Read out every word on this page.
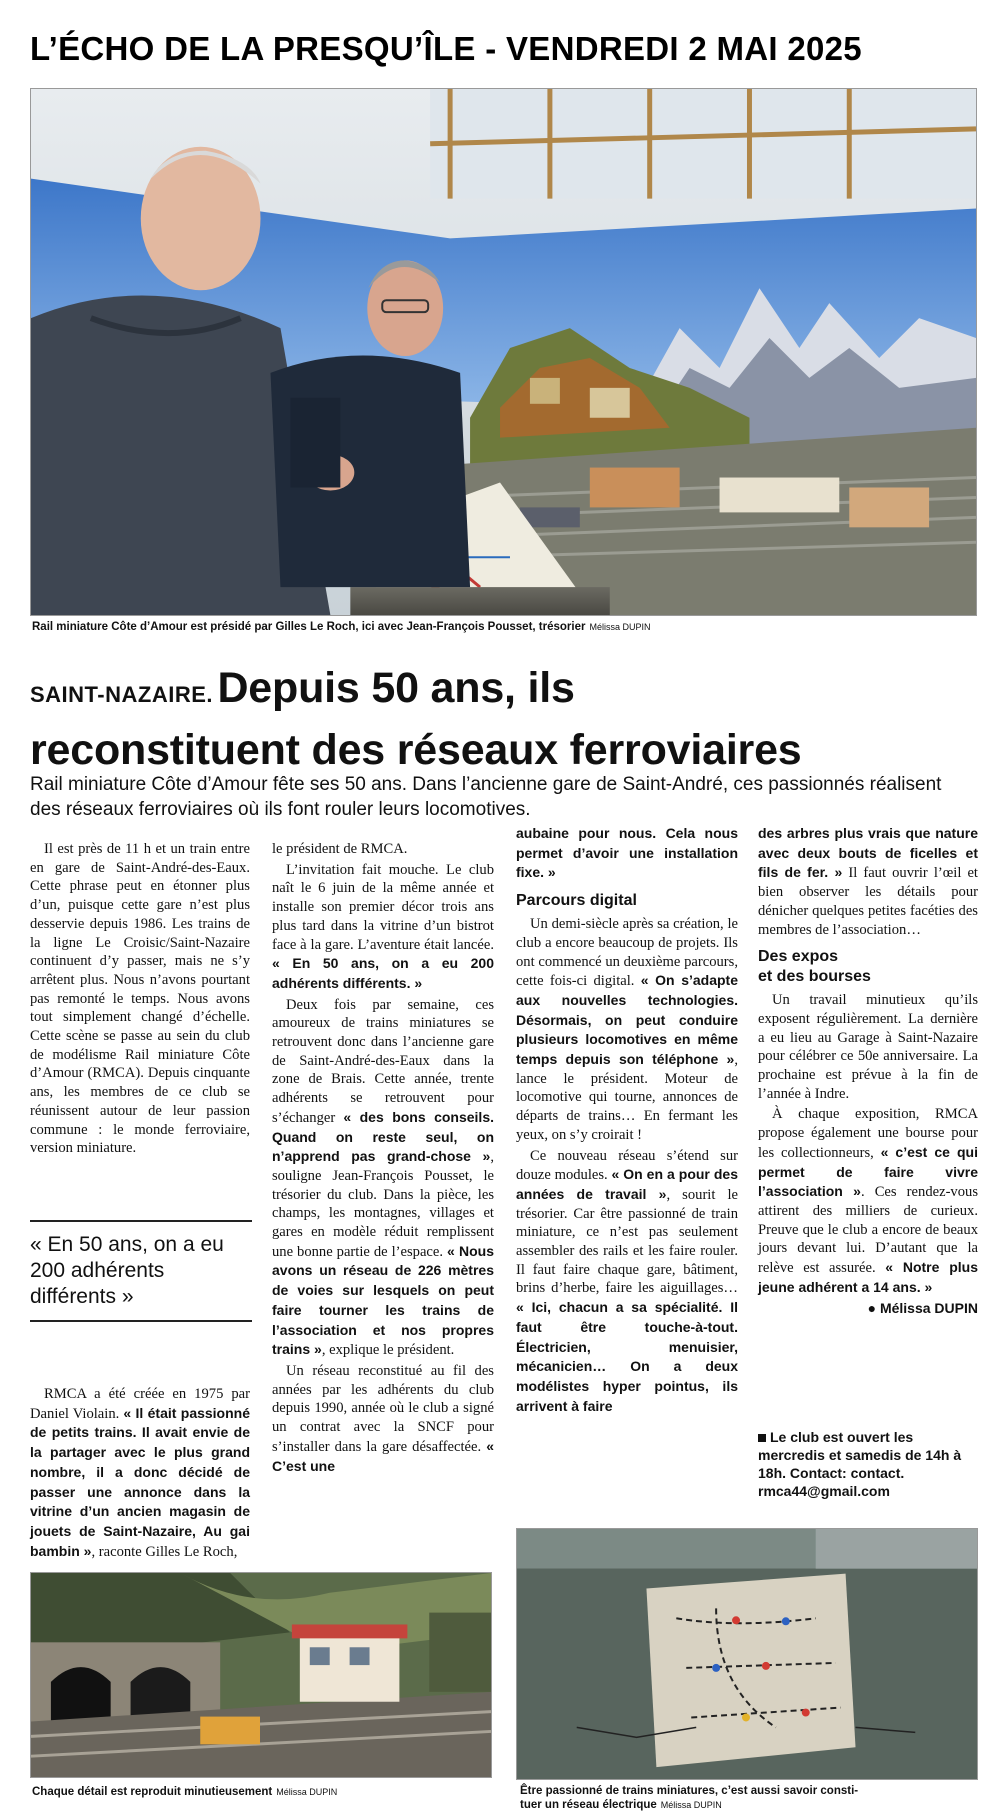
L’ÉCHO DE LA PRESQU’ÎLE - VENDREDI 2 MAI 2025
Rail miniature Côte d’Amour est présidé par Gilles Le Roch, ici avec Jean-François Pousset, trésorier Mélissa DUPIN
SAINT-NAZAIRE. Depuis 50 ans, ils
reconstituent des réseaux ferroviaires
Rail miniature Côte d’Amour fête ses 50 ans. Dans l’ancienne gare de Saint-André, ces passionnés réalisent des réseaux ferroviaires où ils font rouler leurs locomotives.

Il est près de 11 h et un train entre en gare de Saint-André-des-Eaux. Cette phrase peut en étonner plus d’un, puisque cette gare n’est plus desservie depuis 1986. Les trains de la ligne Le Croisic/Saint-Nazaire continuent d’y passer, mais ne s’y arrêtent plus. Nous n’avons pourtant pas remonté le temps. Nous avons tout simplement changé d’échelle. Cette scène se passe au sein du club de modélisme Rail miniature Côte d’Amour (RMCA). Depuis cinquante ans, les membres de ce club se réunissent autour de leur passion commune : le monde ferroviaire, version miniature.

« En 50 ans, on a eu 200 adhérents différents »

RMCA a été créée en 1975 par Daniel Violain. « Il était passionné de petits trains. Il avait envie de la partager avec le plus grand nombre, il a donc décidé de passer une annonce dans la vitrine d’un ancien magasin de jouets de Saint-Nazaire, Au gai bambin », raconte Gilles Le Roch,

le président de RMCA.

L’invitation fait mouche. Le club naît le 6 juin de la même année et installe son premier décor trois ans plus tard dans la vitrine d’un bistrot face à la gare. L’aventure était lancée. « En 50 ans, on a eu 200 adhérents différents. »

Deux fois par semaine, ces amoureux de trains miniatures se retrouvent donc dans l’ancienne gare de Saint-André-des-Eaux dans la zone de Brais. Cette année, trente adhérents se retrouvent pour s’échanger « des bons conseils. Quand on reste seul, on n’apprend pas grand-chose », souligne Jean-François Pousset, le trésorier du club. Dans la pièce, les champs, les montagnes, villages et gares en modèle réduit remplissent une bonne partie de l’espace. « Nous avons un réseau de 226 mètres de voies sur lesquels on peut faire tourner les trains de l’association et nos propres trains », explique le président.

Un réseau reconstitué au fil des années par les adhérents du club depuis 1990, année où le club a signé un contrat avec la SNCF pour s’installer dans la gare désaffectée. « C’est une

aubaine pour nous. Cela nous permet d’avoir une installation fixe. »

Parcours digital

Un demi-siècle après sa création, le club a encore beaucoup de projets. Ils ont commencé un deuxième parcours, cette fois-ci digital. « On s’adapte aux nouvelles technologies. Désormais, on peut conduire plusieurs locomotives en même temps depuis son téléphone », lance le président. Moteur de locomotive qui tourne, annonces de départs de trains… En fermant les yeux, on s’y croirait !

Ce nouveau réseau s’étend sur douze modules. « On en a pour des années de travail », sourit le trésorier. Car être passionné de train miniature, ce n’est pas seulement assembler des rails et les faire rouler. Il faut faire chaque gare, bâtiment, brins d’herbe, faire les aiguillages… « Ici, chacun a sa spécialité. Il faut être touche-à-tout. Électricien, menuisier, mécanicien… On a deux modélistes hyper pointus, ils arrivent à faire

des arbres plus vrais que nature avec deux bouts de ficelles et fils de fer. » Il faut ouvrir l’œil et bien observer les détails pour dénicher quelques petites facéties des membres de l’association…

Des expos
et des bourses

Un travail minutieux qu’ils exposent régulièrement. La dernière a eu lieu au Garage à Saint-Nazaire pour célébrer ce 50e anniversaire. La prochaine est prévue à la fin de l’année à Indre.

À chaque exposition, RMCA propose également une bourse pour les collectionneurs, « c’est ce qui permet de faire vivre l’association ». Ces rendez-vous attirent des milliers de curieux. Preuve que le club a encore de beaux jours devant lui. D’autant que la relève est assurée. « Notre plus jeune adhérent a 14 ans. »

● Mélissa DUPIN
Le club est ouvert les mercredis et samedis de 14h à 18h. Contact: contact. rmca44@gmail.com
Chaque détail est reproduit minutieusement Mélissa DUPIN	Être passionné de trains miniatures, c’est aussi savoir consti-
tuer un réseau électrique Mélissa DUPIN
